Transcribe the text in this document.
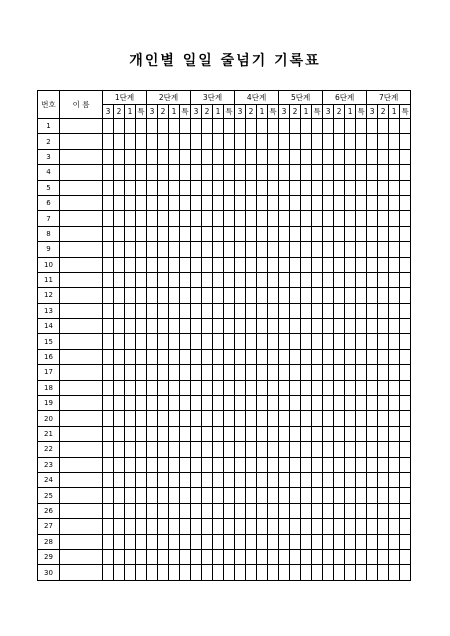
개인별 일일 줄넘기 기록표
번호	이 름	1단계				2단계				3단계				4단계				5단계				6단계				7단계			
		3	2	1	특	3	2	1	특	3	2	1	특	3	2	1	특	3	2	1	특	3	2	1	특	3	2	1	특
1																													
2																													
3																													
4																													
5																													
6																													
7																													
8																													
9																													
10																													
11																													
12																													
13																													
14																													
15																													
16																													
17																													
18																													
19																													
20																													
21																													
22																													
23																													
24																													
25																													
26																													
27																													
28																													
29																													
30																													
